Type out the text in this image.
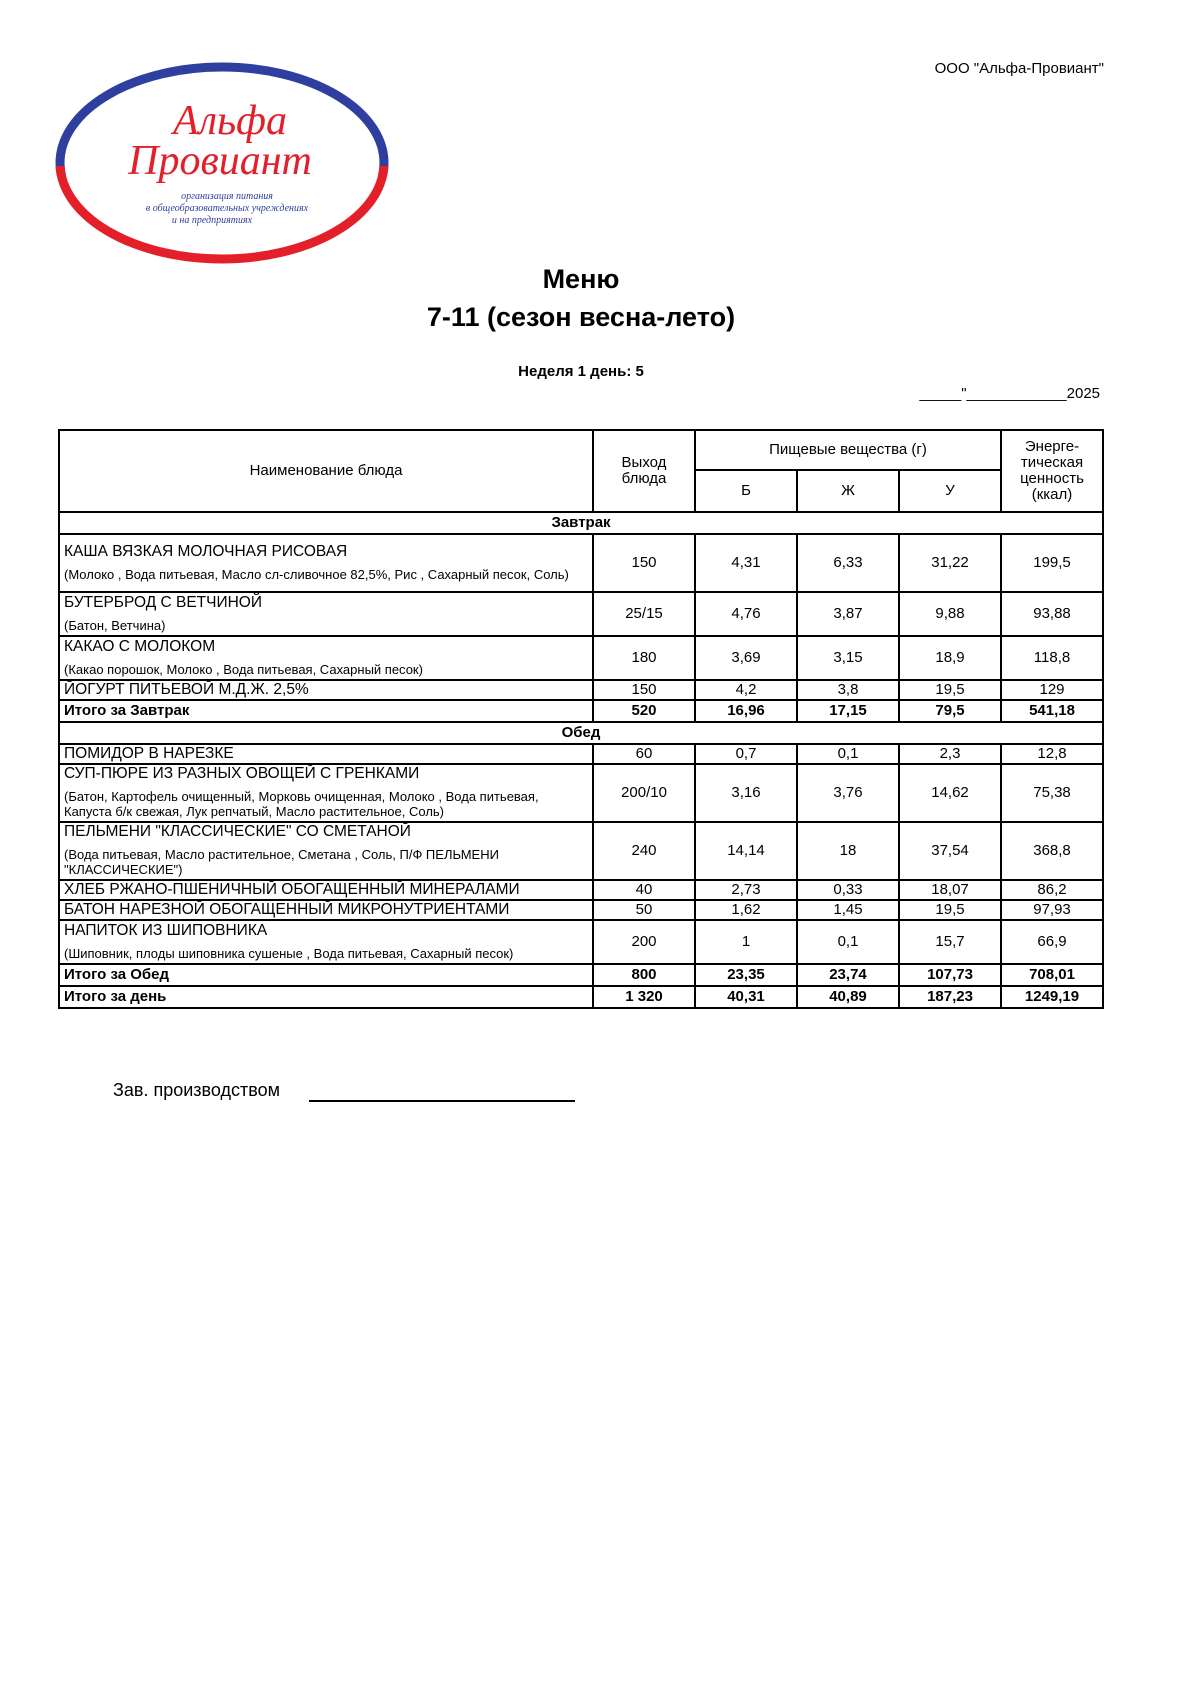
ООО "Альфа-Провиант"
Альфа
Провиант
организация питания
в общеобразовательных учреждениях
и на предприятиях
Меню
7-11 (сезон весна-лето)
Неделя 1 день: 5
_____"____________2025
Наименование блюда	Выход блюда	Пищевые вещества (г)			Энерге-тическая ценность (ккал)
		Б	Ж	У	
Завтрак					

КАША ВЯЗКАЯ МОЛОЧНАЯ РИСОВАЯ
(Молоко , Вода питьевая, Масло сл-сливочное 82,5%, Рис , Сахарный песок, Соль)	150	4,31	6,33	31,22	199,5

БУТЕРБРОД С ВЕТЧИНОЙ
(Батон, Ветчина)	25/15	4,76	3,87	9,88	93,88

КАКАО С МОЛОКОМ
(Какао порошок, Молоко , Вода питьевая, Сахарный песок)	180	3,69	3,15	18,9	118,8

ЙОГУРТ ПИТЬЕВОЙ М.Д.Ж. 2,5%	150	4,2	3,8	19,5	129
Итого за Завтрак	520	16,96	17,15	79,5	541,18
Обед					

ПОМИДОР В НАРЕЗКЕ	60	0,7	0,1	2,3	12,8

СУП-ПЮРЕ ИЗ РАЗНЫХ ОВОЩЕЙ С ГРЕНКАМИ
(Батон, Картофель очищенный, Морковь очищенная, Молоко , Вода питьевая, Капуста б/к свежая, Лук репчатый, Масло растительное, Соль)	200/10	3,16	3,76	14,62	75,38

ПЕЛЬМЕНИ "КЛАССИЧЕСКИЕ" СО СМЕТАНОЙ
(Вода питьевая, Масло растительное, Сметана , Соль, П/Ф ПЕЛЬМЕНИ "КЛАССИЧЕСКИЕ")	240	14,14	18	37,54	368,8

ХЛЕБ РЖАНО-ПШЕНИЧНЫЙ ОБОГАЩЕННЫЙ МИНЕРАЛАМИ	40	2,73	0,33	18,07	86,2

БАТОН НАРЕЗНОЙ ОБОГАЩЕННЫЙ МИКРОНУТРИЕНТАМИ	50	1,62	1,45	19,5	97,93

НАПИТОК ИЗ ШИПОВНИКА
(Шиповник, плоды шиповника сушеные , Вода питьевая, Сахарный песок)	200	1	0,1	15,7	66,9
Итого за Обед	800	23,35	23,74	107,73	708,01
Итого за день	1 320	40,31	40,89	187,23	1249,19
Зав. производством
